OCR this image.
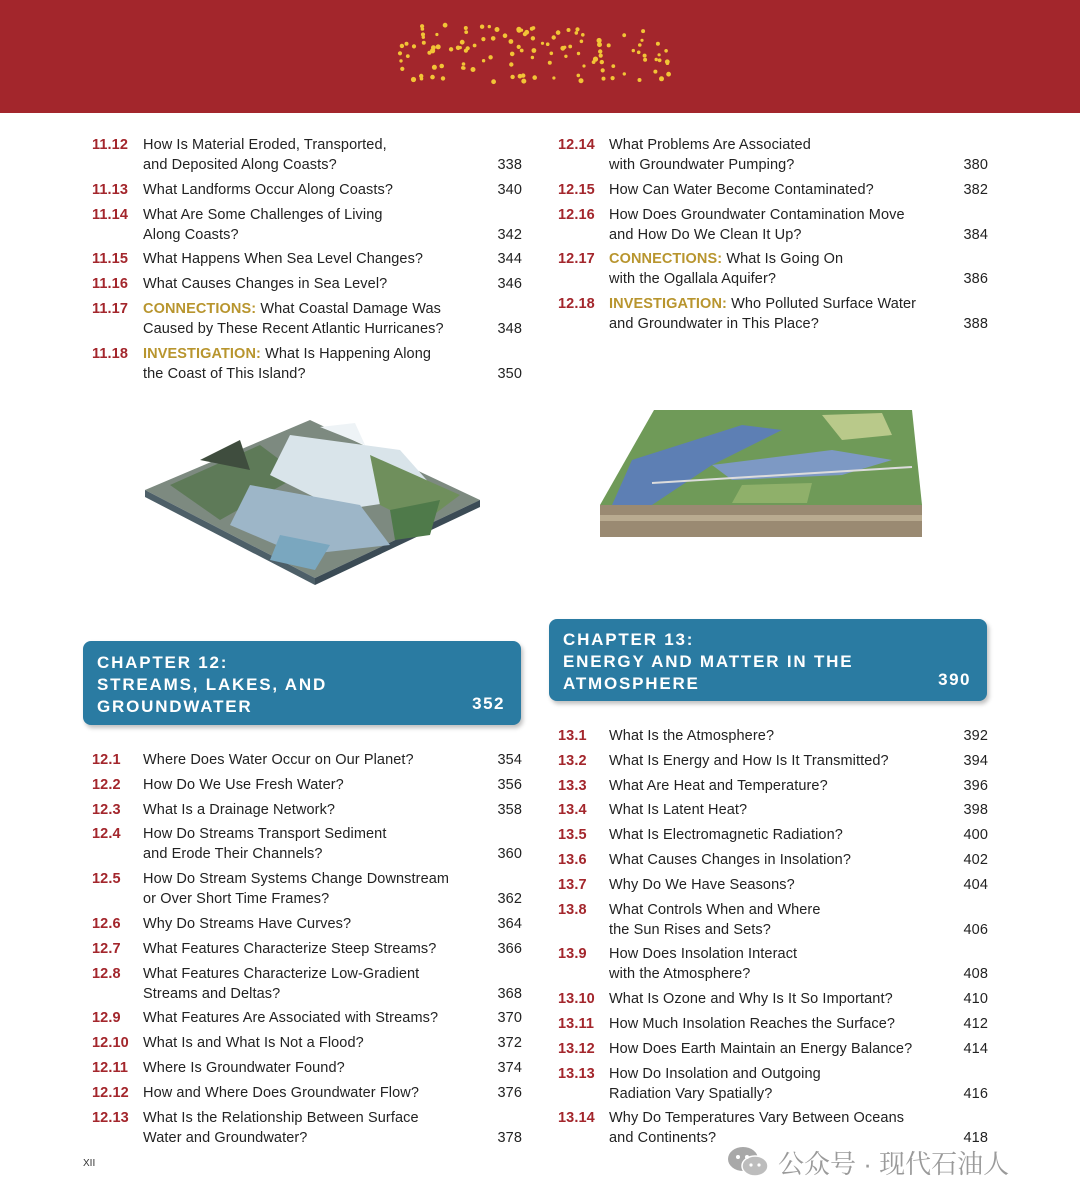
11.12 How Is Material Eroded, Transported,
and Deposited Along Coasts?	338
11.13 What Landforms Occur Along Coasts?	340
11.14 What Are Some Challenges of Living
Along Coasts?	342
11.15 What Happens When Sea Level Changes?	344
11.16 What Causes Changes in Sea Level?	346
11.17 CONNECTIONS: What Coastal Damage Was
Caused by These Recent Atlantic Hurricanes?	348
11.18 INVESTIGATION: What Is Happening Along
the Coast of This Island?	350
12.14 What Problems Are Associated
with Groundwater Pumping?	380
12.15 How Can Water Become Contaminated?	382
12.16 How Does Groundwater Contamination Move
and How Do We Clean It Up?	384
12.17 CONNECTIONS: What Is Going On
with the Ogallala Aquifer?	386
12.18 INVESTIGATION: Who Polluted Surface Water
and Groundwater in This Place?	388
CHAPTER 12:
STREAMS, LAKES, AND
GROUNDWATER	352
CHAPTER 13:
ENERGY AND MATTER IN THE
ATMOSPHERE	390
12.1 Where Does Water Occur on Our Planet?	354
12.2 How Do We Use Fresh Water?	356
12.3 What Is a Drainage Network?	358
12.4 How Do Streams Transport Sediment
and Erode Their Channels?	360
12.5 How Do Stream Systems Change Downstream
or Over Short Time Frames?	362
12.6 Why Do Streams Have Curves?	364
12.7 What Features Characterize Steep Streams?	366
12.8 What Features Characterize Low-Gradient
Streams and Deltas?	368
12.9 What Features Are Associated with Streams?	370
12.10 What Is and What Is Not a Flood?	372
12.11 Where Is Groundwater Found?	374
12.12 How and Where Does Groundwater Flow?	376
12.13 What Is the Relationship Between Surface
Water and Groundwater?	378
13.1 What Is the Atmosphere?	392
13.2 What Is Energy and How Is It Transmitted?	394
13.3 What Are Heat and Temperature?	396
13.4 What Is Latent Heat?	398
13.5 What Is Electromagnetic Radiation?	400
13.6 What Causes Changes in Insolation?	402
13.7 Why Do We Have Seasons?	404
13.8 What Controls When and Where
the Sun Rises and Sets?	406
13.9 How Does Insolation Interact
with the Atmosphere?	408
13.10 What Is Ozone and Why Is It So Important?	410
13.11 How Much Insolation Reaches the Surface?	412
13.12 How Does Earth Maintain an Energy Balance?	414
13.13 How Do Insolation and Outgoing
Radiation Vary Spatially?	416
13.14 Why Do Temperatures Vary Between Oceans
and Continents?	418
XII	公众号 · 现代石油人
